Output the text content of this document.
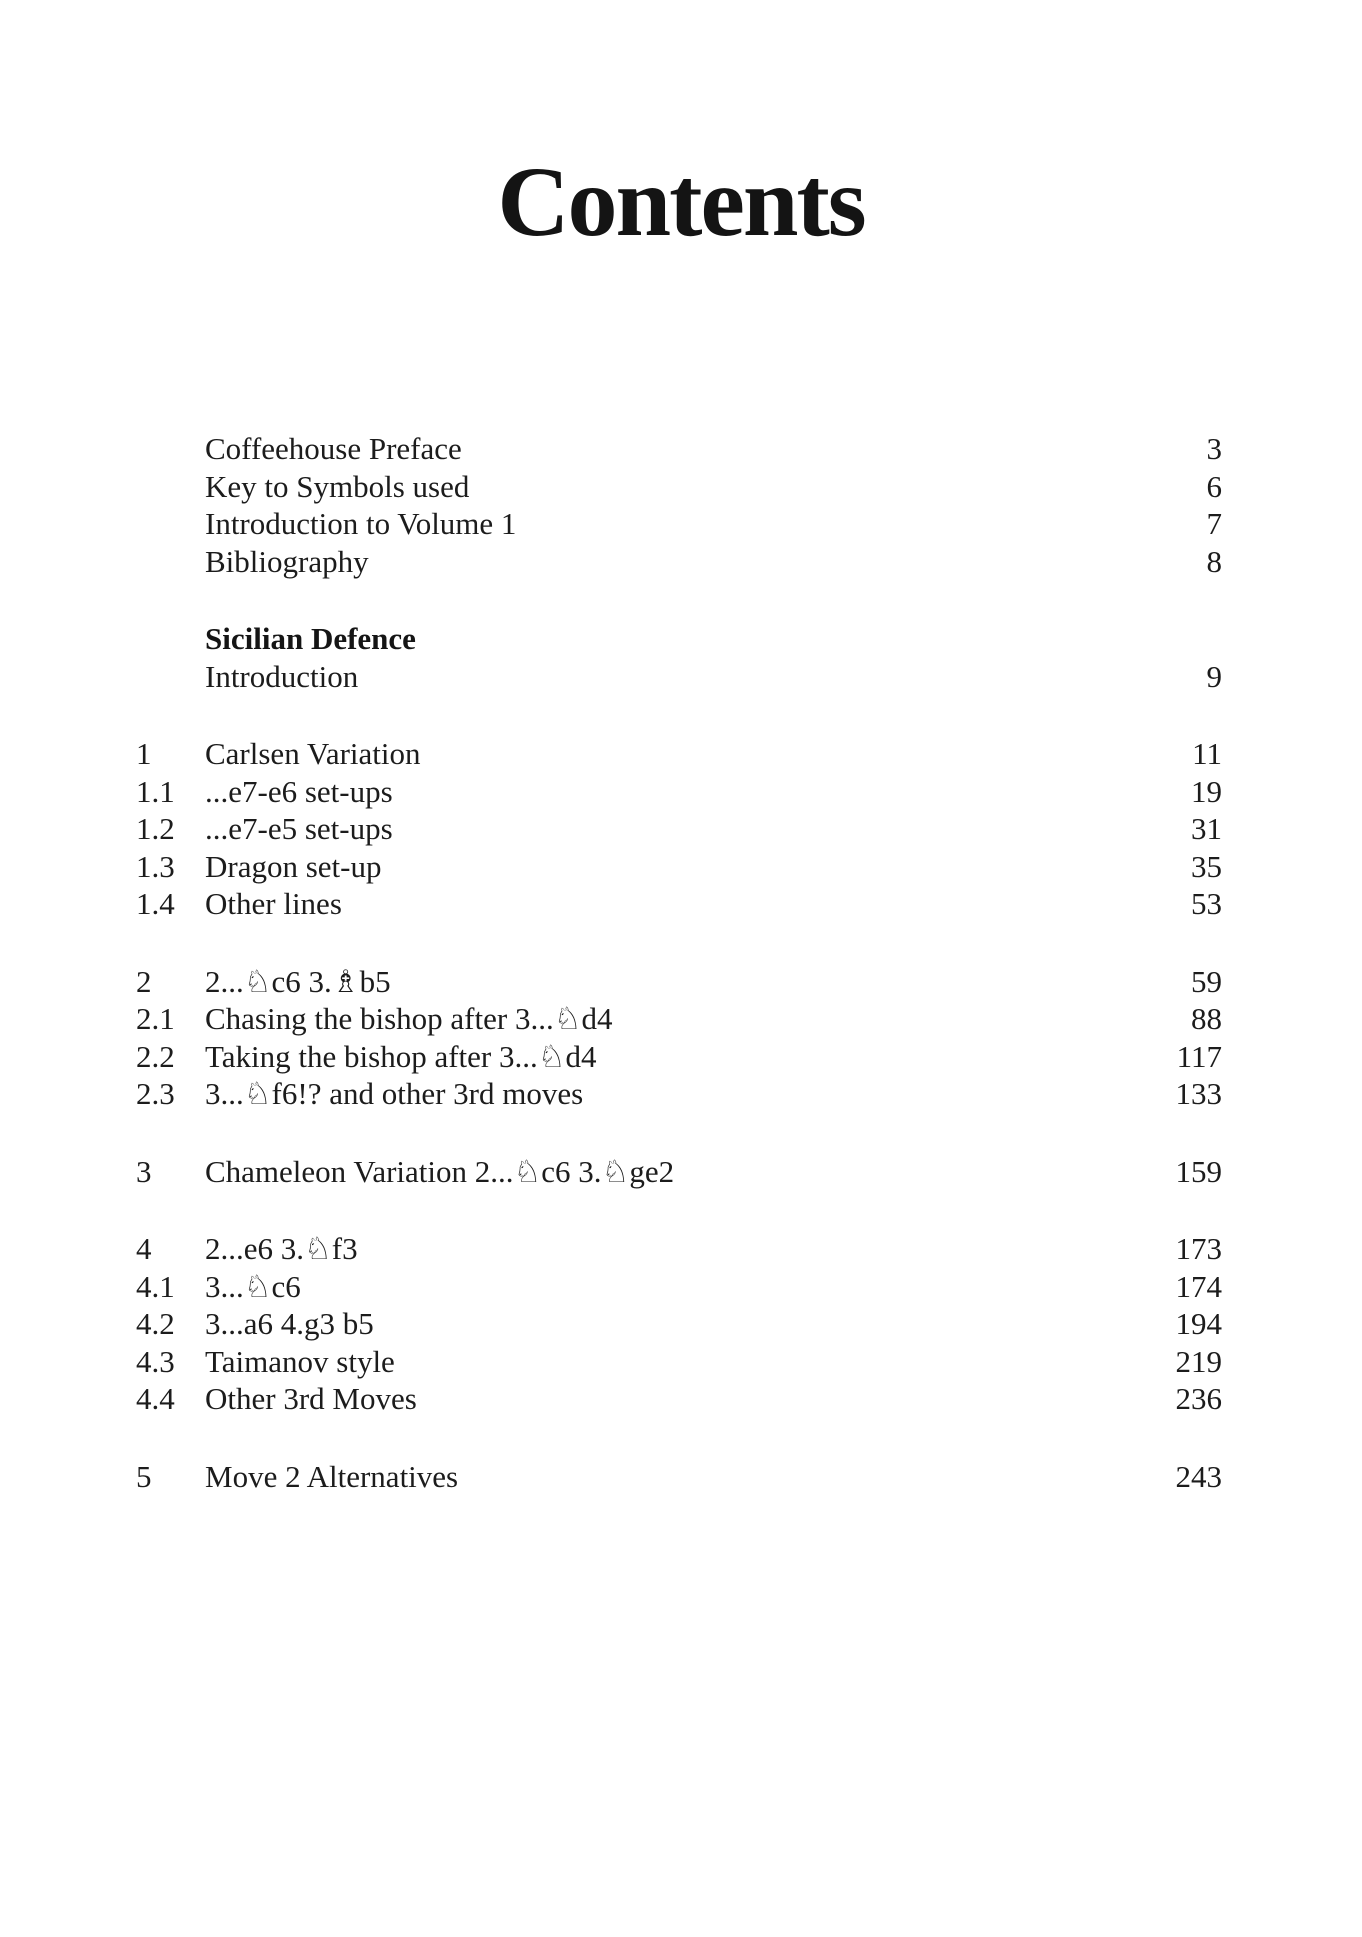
Contents
Coffeehouse Preface	3
Key to Symbols used	6
Introduction to Volume 1	7
Bibliography	8
Sicilian Defence
Introduction	9
1	Carlsen Variation	11
1.1 ...e7-e6 set-ups	19
1.2 ...e7-e5 set-ups	31
1.3 Dragon set-up	35
1.4 Other lines	53
2	2...♘c6 3.♗b5	59
2.1 Chasing the bishop after 3...♘d4	88
2.2 Taking the bishop after 3...♘d4	117
2.3 3...♘f6!? and other 3rd moves	133
3	Chameleon Variation 2...♘c6 3.♘ge2	159
4	2...e6 3.♘f3	173
4.1 3...♘c6	174
4.2 3...a6 4.g3 b5	194
4.3 Taimanov style	219
4.4 Other 3rd Moves	236
5	Move 2 Alternatives	243
